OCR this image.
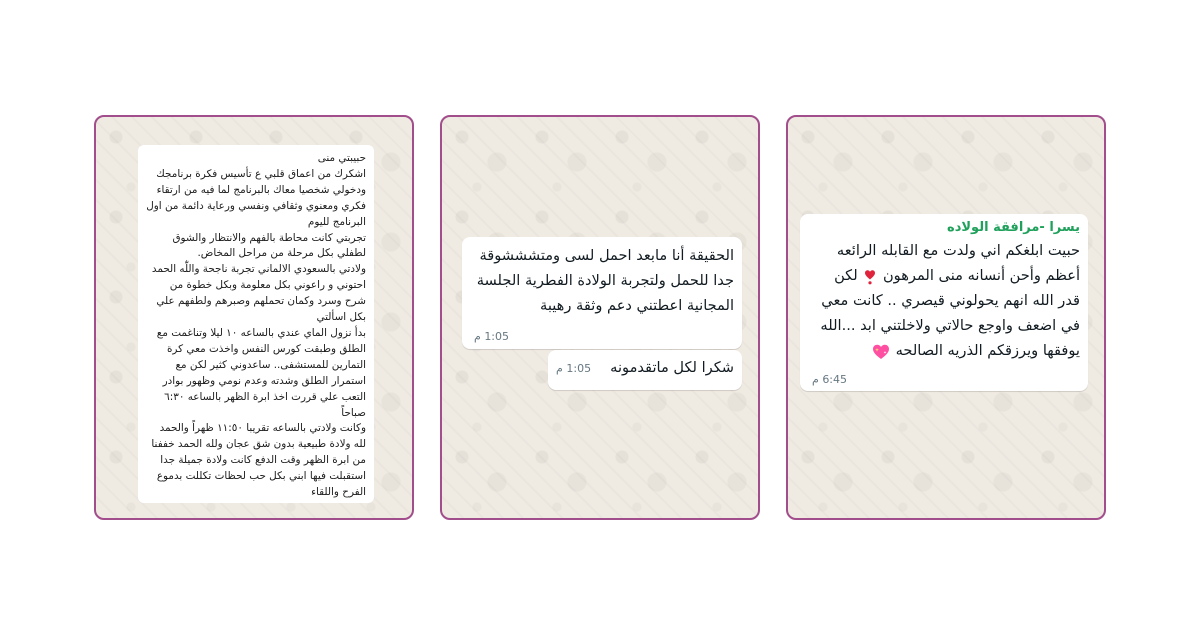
حبيبتي منى

اشكرك من اعماق قلبي ع تأسيس فكرة برنامجك ودخولي شخصيا معاك بالبرنامج لما فيه من ارتقاء فكري ومعنوي وثقافي ونفسي ورعاية دائمة من اول البرنامج لليوم

تجربتي كانت محاطة بالفهم والانتظار والشوق لطفلي بكل مرحلة من مراحل المخاض.

ولادتي بالسعودي الالماني تجربة ناجحة واللّٰه الحمد احتوني و راعوني بكل معلومة وبكل خطوة من شرح وسرد وكمان تحملهم وصبرهم ولطفهم علي بكل اسألتي

بدأ نزول الماي عندي بالساعه ١٠ ليلا وتناغمت مع الطلق وطبقت كورس النفس واخذت معي كرة التمارين للمستشفى.. ساعدوني كثير لكن مع استمرار الطلق وشدته وعدم نومي وظهور بوادر التعب علي قررت اخذ ابرة الظهر بالساعه ٦:٣٠ صباحاً

وكانت ولادتي بالساعه تقريبا ١١:٥٠ ظهراً والحمد لله ولادة طبيعية بدون شق عجان ولله الحمد خففنا من ابرة الظهر وقت الدفع كانت ولادة جميلة جدا استقبلت فيها ابني بكل حب لحظات تكللت بدموع الفرح واللقاء

الحقيقة أنا مابعد احمل لسى ومتشششوقة جدا للحمل ولتجربة الولادة الفطرية الجلسة المجانية اعطتني دعم وثقة رهيبة
1:05 م
شكرا لكل ماتقدمونه 1:05 م
يسرا -مرافقة الولاده
حبيت ابلغكم اني ولدت مع القابله الرائعه أعظم وأحن أنسانه منى المرهون  لكن قدر الله انهم يحولوني قيصري .. كانت معي في اضعف واوجع حالاتي ولاخلتني ابد ...الله يوفقها ويرزقكم الذريه الصالحه
6:45 م
